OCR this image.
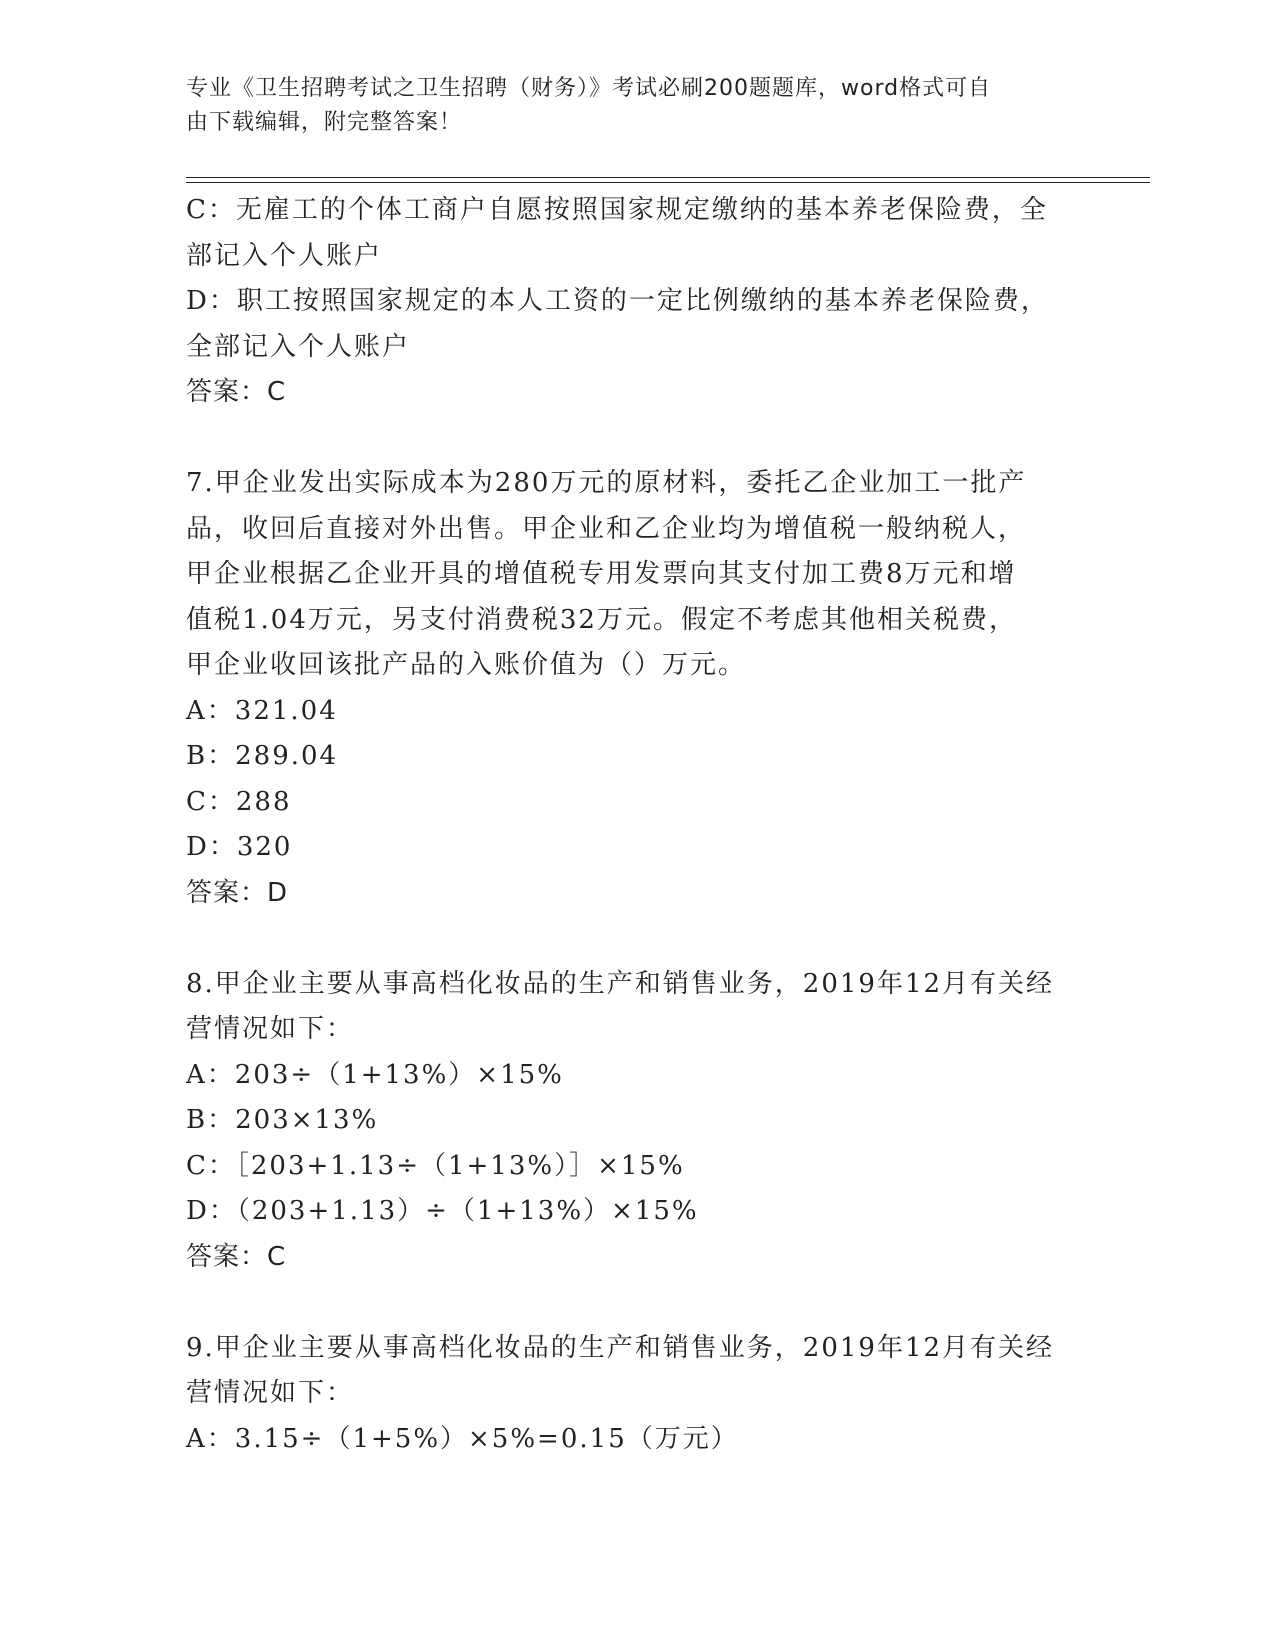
专业《卫生招聘考试之卫生招聘（财务）》考试必刷200题题库，word格式可自
由下载编辑，附完整答案！
C：无雇工的个体工商户自愿按照国家规定缴纳的基本养老保险费，全
部记入个人账户
D：职工按照国家规定的本人工资的一定比例缴纳的基本养老保险费，
全部记入个人账户
答案：C
7.甲企业发出实际成本为280万元的原材料，委托乙企业加工一批产
品，收回后直接对外出售。甲企业和乙企业均为增值税一般纳税人，
甲企业根据乙企业开具的增值税专用发票向其支付加工费8万元和增
值税1.04万元，另支付消费税32万元。假定不考虑其他相关税费，
甲企业收回该批产品的入账价值为（）万元。
A：321.04
B：289.04
C：288
D：320
答案：D
8.甲企业主要从事高档化妆品的生产和销售业务，2019年12月有关经
营情况如下：
A：203÷（1+13%）×15%
B：203×13%
C：［203+1.13÷（1+13%）］×15%
D：（203+1.13）÷（1+13%）×15%
答案：C
9.甲企业主要从事高档化妆品的生产和销售业务，2019年12月有关经
营情况如下：
A：3.15÷（1+5%）×5%=0.15（万元）
